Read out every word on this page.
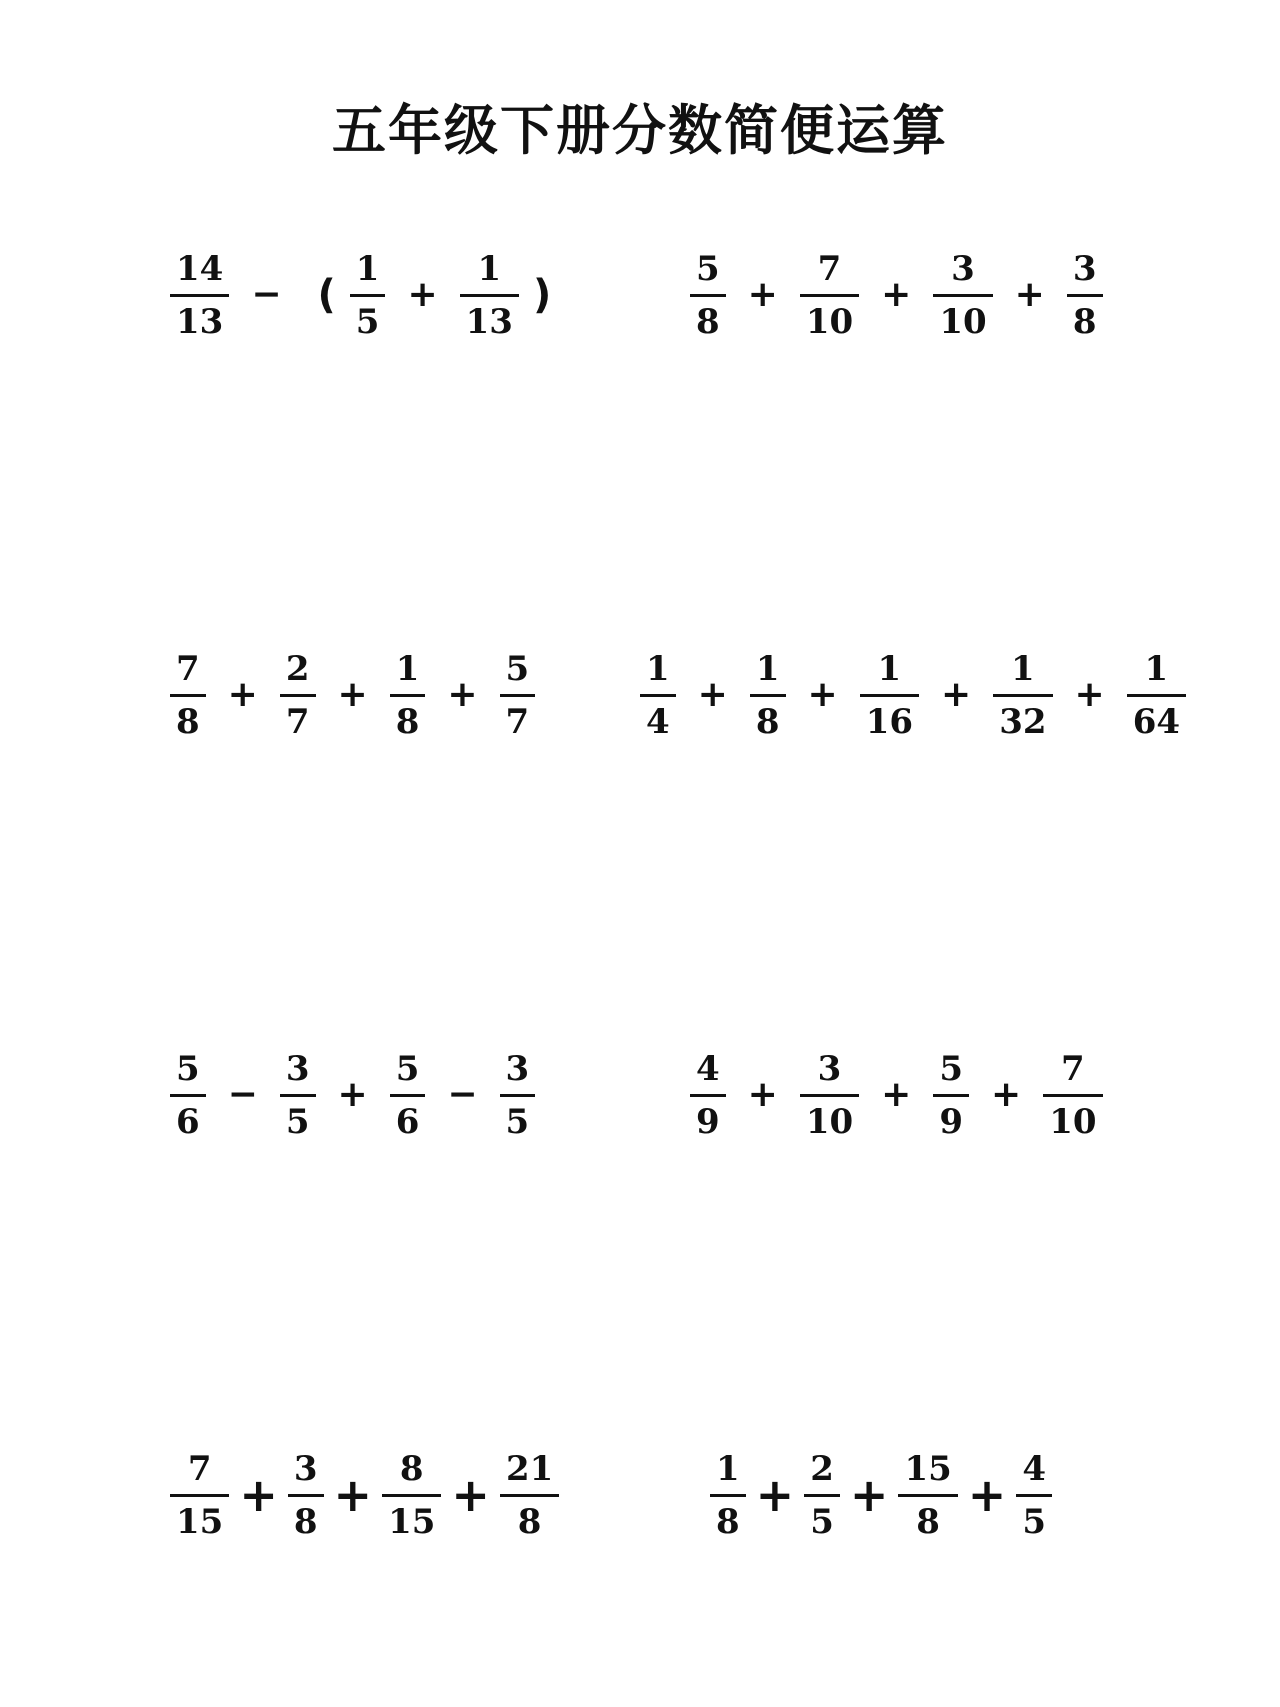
五年级下册分数简便运算
$\frac{14}{13}$ − ( $\frac{1}{5} + \frac{1}{13}$ )	$\frac{5}{8} + \frac{7}{10} + \frac{3}{10} + \frac{3}{8}$
$\frac{7}{8} + \frac{2}{7} + \frac{1}{8} + \frac{5}{7}$	$\frac{1}{4} + \frac{1}{8} + \frac{1}{16} + \frac{1}{32} + \frac{1}{64}$
$\frac{5}{6} - \frac{3}{5} + \frac{5}{6} - \frac{3}{5}$	$\frac{4}{9} + \frac{3}{10} + \frac{5}{9} + \frac{7}{10}$
$\frac{7}{15} + \frac{3}{8} + \frac{8}{15} + \frac{21}{8}$	$\frac{1}{8} + \frac{2}{5} + \frac{15}{8} + \frac{4}{5}$
